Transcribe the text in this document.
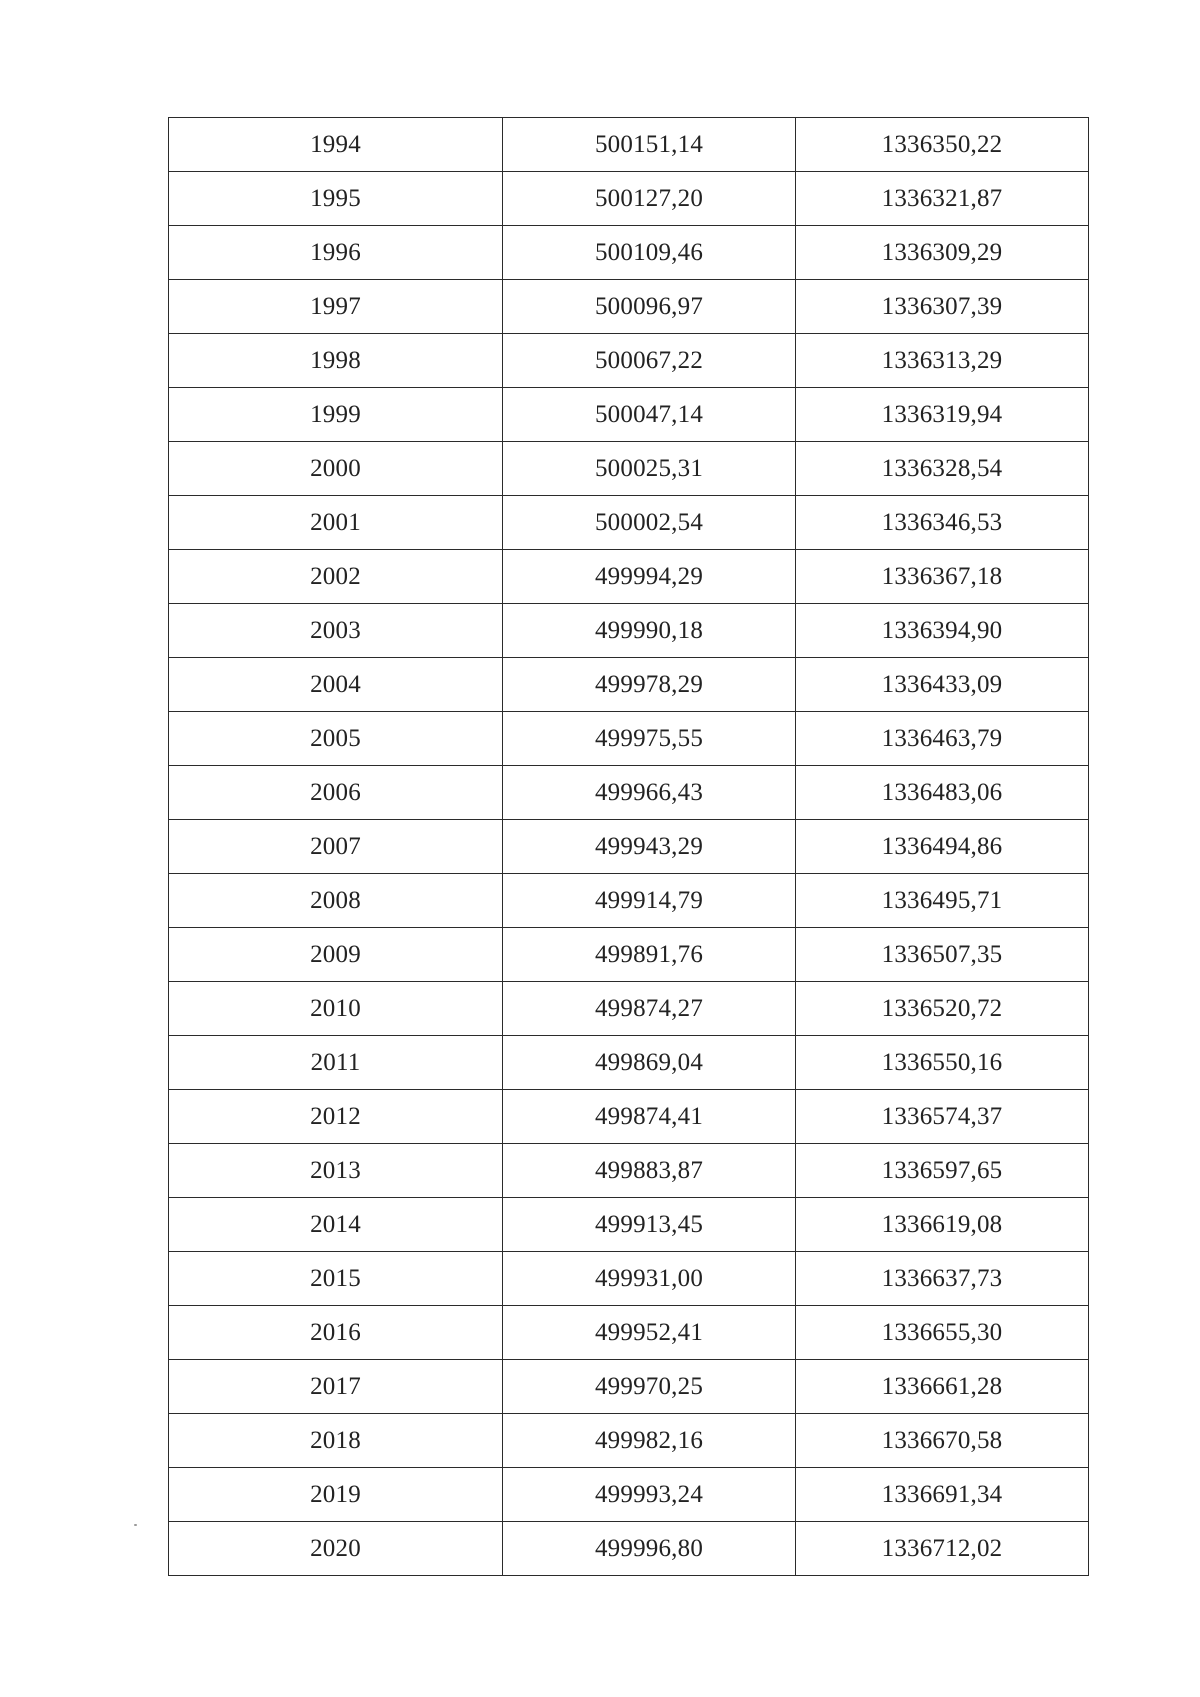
1994	500151,14	1336350,22
1995	500127,20	1336321,87
1996	500109,46	1336309,29
1997	500096,97	1336307,39
1998	500067,22	1336313,29
1999	500047,14	1336319,94
2000	500025,31	1336328,54
2001	500002,54	1336346,53
2002	499994,29	1336367,18
2003	499990,18	1336394,90
2004	499978,29	1336433,09
2005	499975,55	1336463,79
2006	499966,43	1336483,06
2007	499943,29	1336494,86
2008	499914,79	1336495,71
2009	499891,76	1336507,35
2010	499874,27	1336520,72
2011	499869,04	1336550,16
2012	499874,41	1336574,37
2013	499883,87	1336597,65
2014	499913,45	1336619,08
2015	499931,00	1336637,73
2016	499952,41	1336655,30
2017	499970,25	1336661,28
2018	499982,16	1336670,58
2019	499993,24	1336691,34
2020	499996,80	1336712,02
